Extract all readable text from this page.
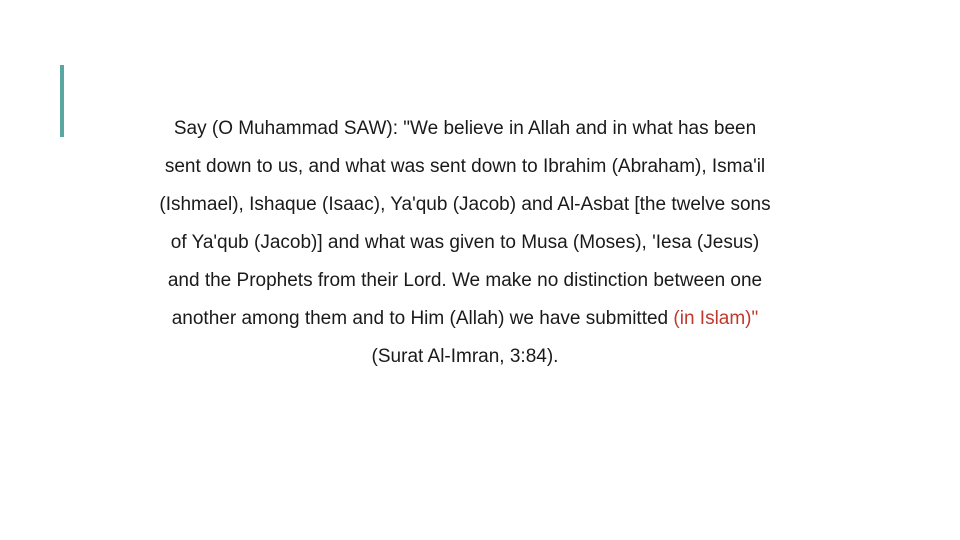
Say (O Muhammad SAW): "We believe in Allah and in what has been
sent down to us, and what was sent down to Ibrahim (Abraham), Isma'il
(Ishmael), Ishaque (Isaac), Ya'qub (Jacob) and Al-Asbat [the twelve sons
of Ya'qub (Jacob)] and what was given to Musa (Moses), 'Iesa (Jesus)
and the Prophets from their Lord. We make no distinction between one
another among them and to Him (Allah) we have submitted (in Islam)"
(Surat Al-Imran, 3:84).
